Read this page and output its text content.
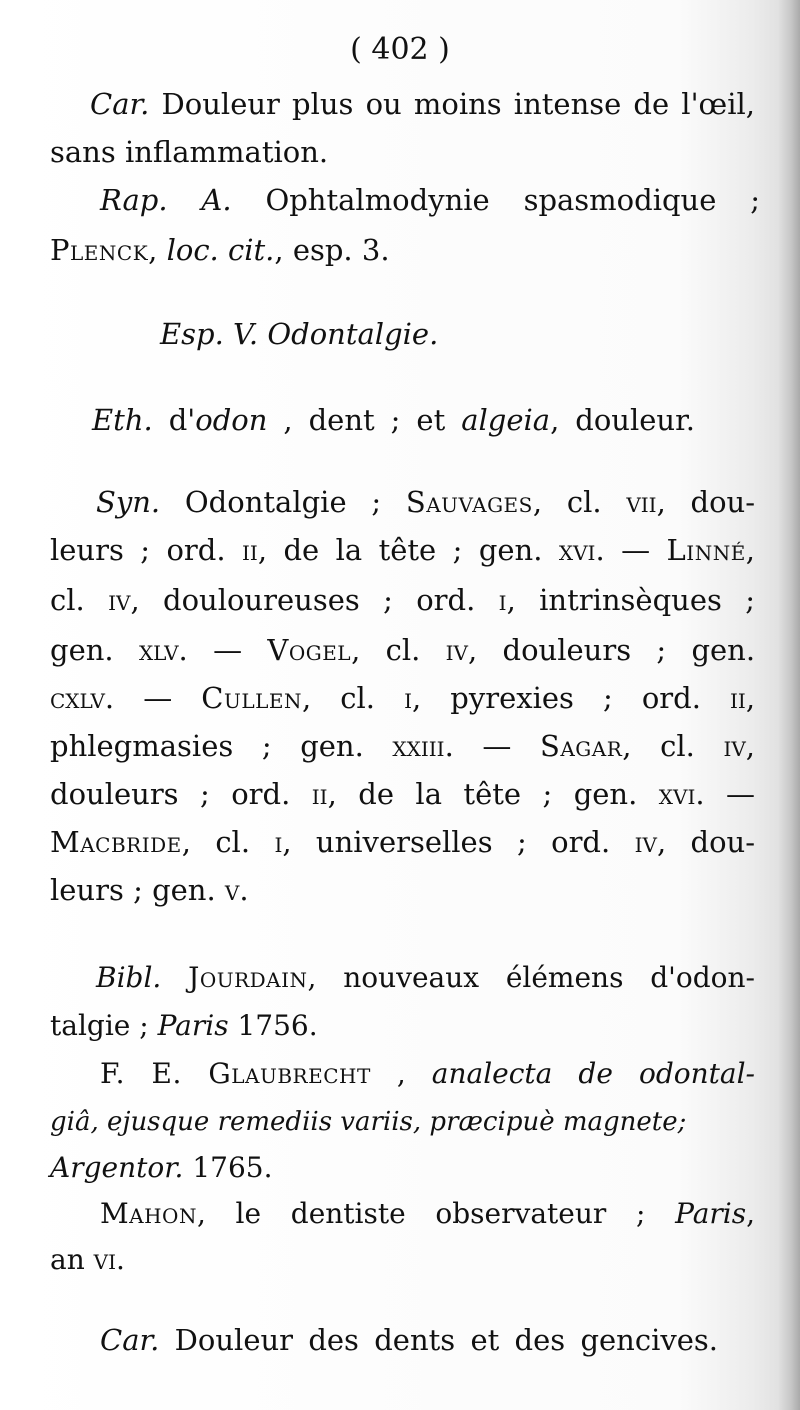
( 402 )
Car. Douleur plus ou moins intense de l'œil,
sans inflammation.
Rap. A. Ophtalmodynie spasmodique ;
Plenck, loc. cit., esp. 3.
Esp. V. Odontalgie.
Eth. d'odon , dent ; et algeia, douleur.
Syn. Odontalgie ; Sauvages, cl. vii, dou-
leurs ; ord. ii, de la tête ; gen. xvi. — Linné,
cl. iv, douloureuses ; ord. i, intrinsèques ;
gen. xlv. — Vogel, cl. iv, douleurs ; gen.
cxlv. — Cullen, cl. i, pyrexies ; ord. ii,
phlegmasies ; gen. xxiii. — Sagar, cl. iv,
douleurs ; ord. ii, de la tête ; gen. xvi. —
Macbride, cl. i, universelles ; ord. iv, dou-
leurs ; gen. v.
Bibl. Jourdain, nouveaux élémens d'odon-
talgie ; Paris 1756.
F. E. Glaubrecht , analecta de odontal-
giâ, ejusque remediis variis, præcipuè magnete;
Argentor. 1765.
Mahon, le dentiste observateur ; Paris,
an vi.
Car. Douleur des dents et des gencives.
